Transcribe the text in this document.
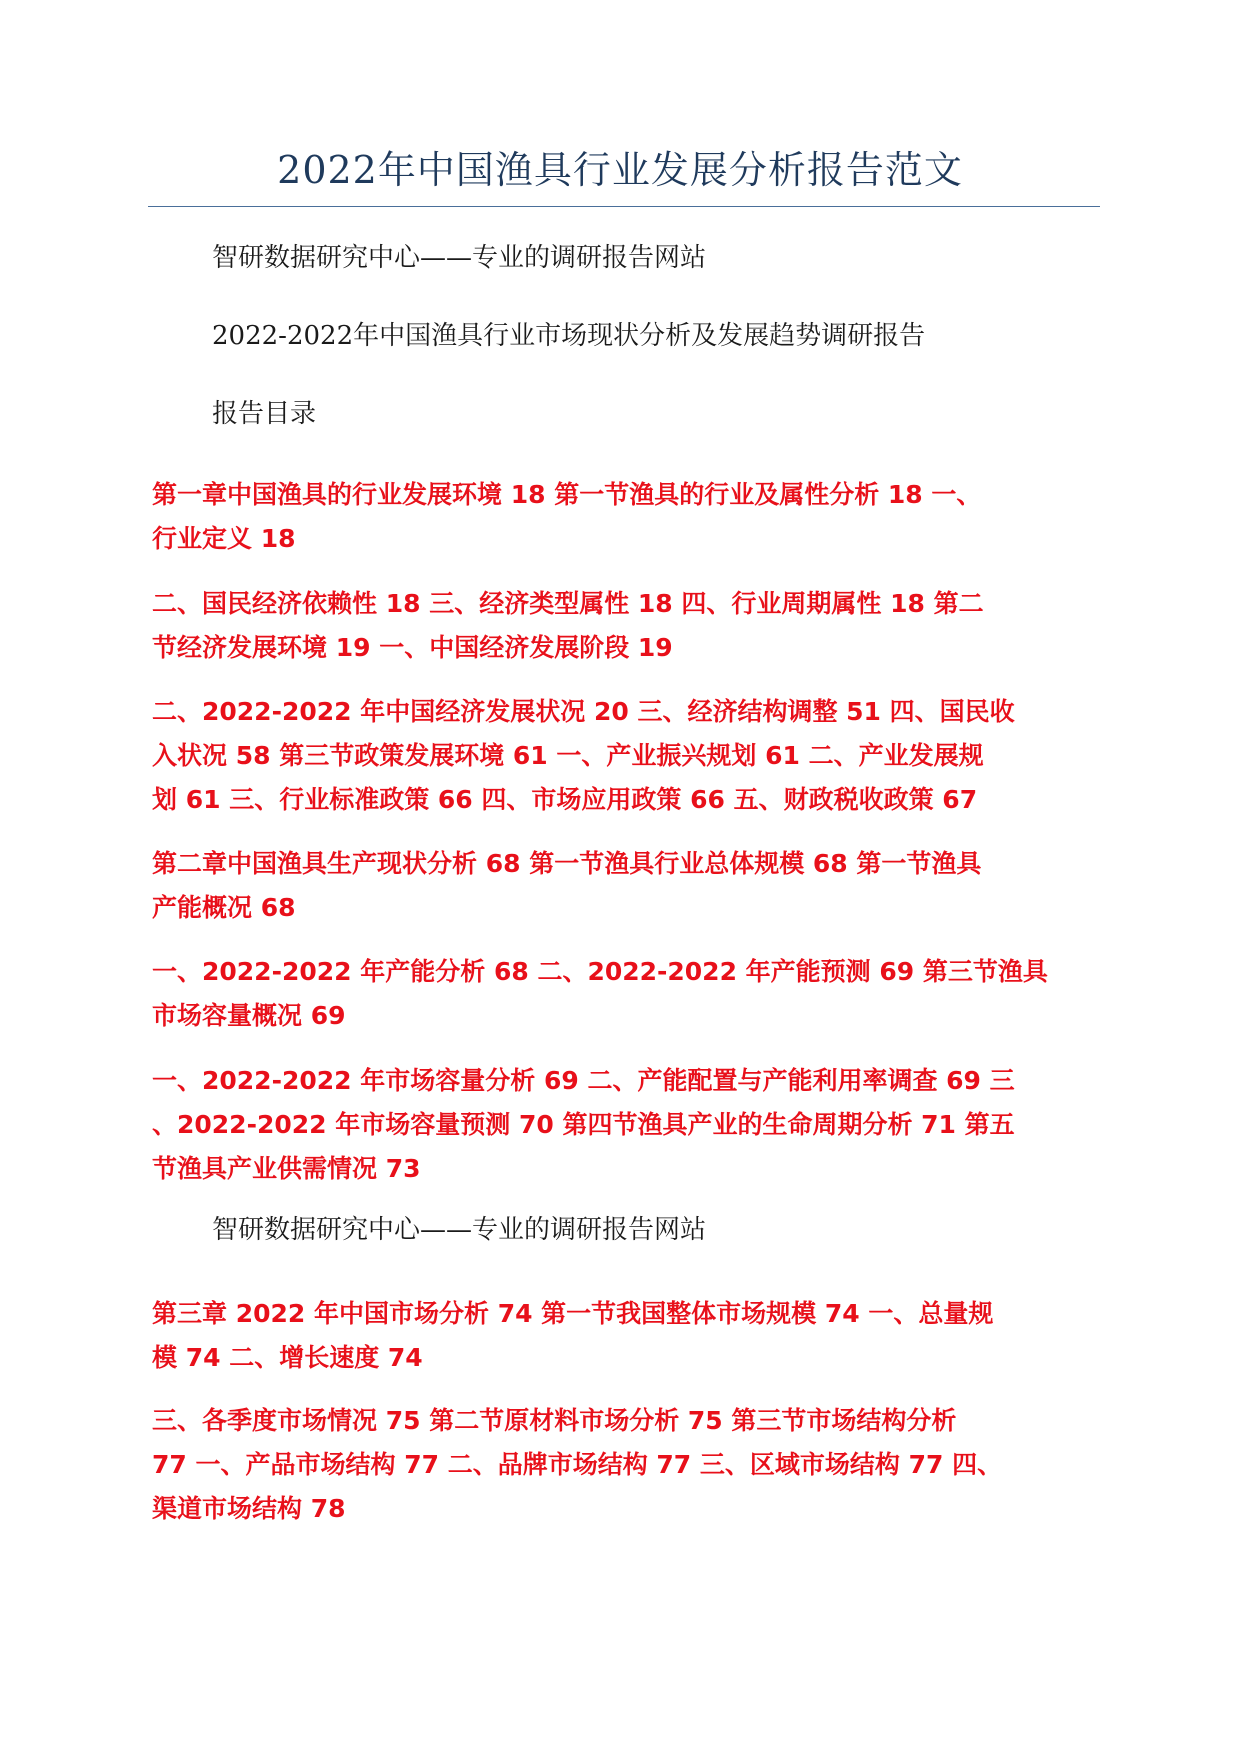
2022年中国渔具行业发展分析报告范文
智研数据研究中心——专业的调研报告网站
2022-2022年中国渔具行业市场现状分析及发展趋势调研报告
报告目录
第一章中国渔具的行业发展环境 18 第一节渔具的行业及属性分析 18 一、
行业定义 18
二、国民经济依赖性 18 三、经济类型属性 18 四、行业周期属性 18 第二
节经济发展环境 19 一、中国经济发展阶段 19
二、2022-2022 年中国经济发展状况 20 三、经济结构调整 51 四、国民收
入状况 58 第三节政策发展环境 61 一、产业振兴规划 61 二、产业发展规
划 61 三、行业标准政策 66 四、市场应用政策 66 五、财政税收政策 67
第二章中国渔具生产现状分析 68 第一节渔具行业总体规模 68 第一节渔具
产能概况 68
一、2022-2022 年产能分析 68 二、2022-2022 年产能预测 69 第三节渔具
市场容量概况 69
一、2022-2022 年市场容量分析 69 二、产能配置与产能利用率调查 69 三
、2022-2022 年市场容量预测 70 第四节渔具产业的生命周期分析 71 第五
节渔具产业供需情况 73
智研数据研究中心——专业的调研报告网站
第三章 2022 年中国市场分析 74 第一节我国整体市场规模 74 一、总量规
模 74 二、增长速度 74
三、各季度市场情况 75 第二节原材料市场分析 75 第三节市场结构分析
77 一、产品市场结构 77 二、品牌市场结构 77 三、区域市场结构 77 四、
渠道市场结构 78
